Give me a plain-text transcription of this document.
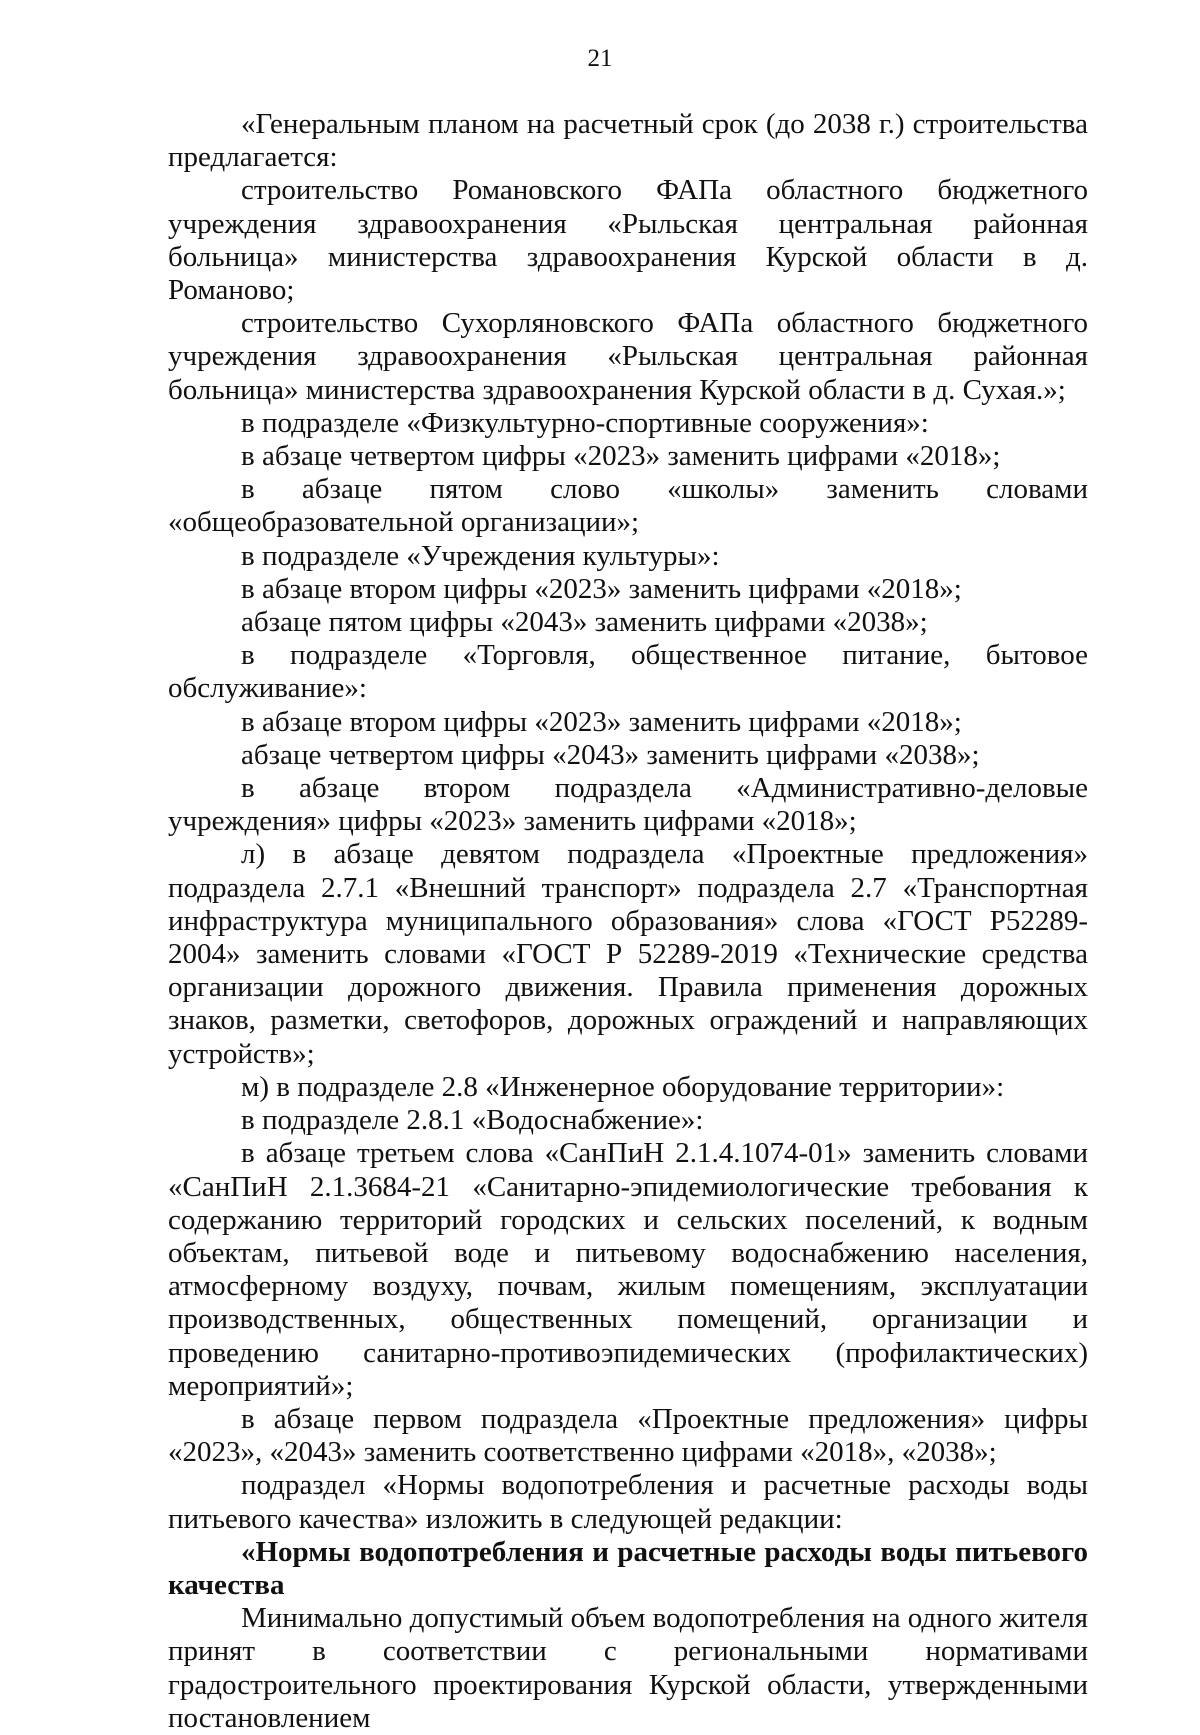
21

«Генеральным планом на расчетный срок (до 2038 г.) строительства предлагается:

строительство Романовского ФАПа областного бюджетного учреждения здравоохранения «Рыльская центральная районная больница» министерства здравоохранения Курской области в д. Романово;

строительство Сухорляновского ФАПа областного бюджетного учреждения здравоохранения «Рыльская центральная районная больница» министерства здравоохранения Курской области в д. Сухая.»;

в подразделе «Физкультурно-спортивные сооружения»:

в абзаце четвертом цифры «2023» заменить цифрами «2018»;

в абзаце пятом слово «школы» заменить словами «общеобразовательной организации»;

в подразделе «Учреждения культуры»:

в абзаце втором цифры «2023» заменить цифрами «2018»;

абзаце пятом цифры «2043» заменить цифрами «2038»;

в подразделе «Торговля, общественное питание, бытовое обслуживание»:

в абзаце втором цифры «2023» заменить цифрами «2018»;

абзаце четвертом цифры «2043» заменить цифрами «2038»;

в абзаце втором подраздела «Административно-деловые учреждения» цифры «2023» заменить цифрами «2018»;

л) в абзаце девятом подраздела «Проектные предложения» подраздела 2.7.1 «Внешний транспорт» подраздела 2.7 «Транспортная инфраструктура муниципального образования» слова «ГОСТ Р52289-2004» заменить словами «ГОСТ Р 52289-2019 «Технические средства организации дорожного движения. Правила применения дорожных знаков, разметки, светофоров, дорожных ограждений и направляющих устройств»;

м) в подразделе 2.8 «Инженерное оборудование территории»:

в подразделе 2.8.1 «Водоснабжение»:

в абзаце третьем слова «СанПиН 2.1.4.1074-01» заменить словами «СанПиН 2.1.3684-21 «Санитарно-эпидемиологические требования к содержанию территорий городских и сельских поселений, к водным объектам, питьевой воде и питьевому водоснабжению населения, атмосферному воздуху, почвам, жилым помещениям, эксплуатации производственных, общественных помещений, организации и проведению санитарно-противоэпидемических (профилактических) мероприятий»;

в абзаце первом подраздела «Проектные предложения» цифры «2023», «2043» заменить соответственно цифрами «2018», «2038»;

подраздел «Нормы водопотребления и расчетные расходы воды питьевого качества» изложить в следующей редакции:

«Нормы водопотребления и расчетные расходы воды питьевого качества

Минимально допустимый объем водопотребления на одного жителя принят в соответствии с региональными нормативами градостроительного проектирования Курской области, утвержденными постановлением
